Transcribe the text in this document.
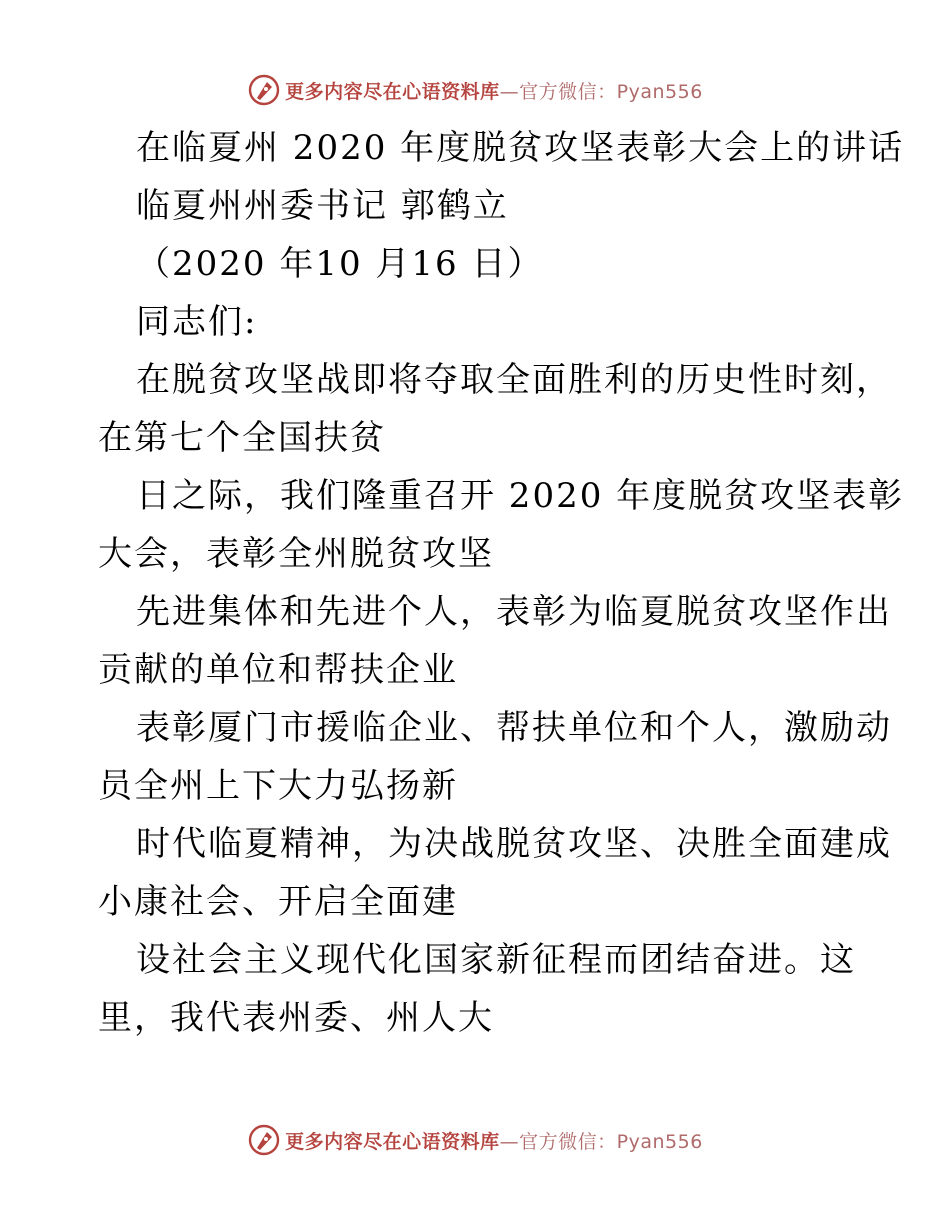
更多内容尽在心语资料库—官方微信：Pyan556
在临夏州 2020 年度脱贫攻坚表彰大会上的讲话
临夏州州委书记 郭鹤立
（2020 年10 月16 日）
同志们:
在脱贫攻坚战即将夺取全面胜利的历史性时刻，
在第七个全国扶贫
日之际，我们隆重召开 2020 年度脱贫攻坚表彰
大会，表彰全州脱贫攻坚
先进集体和先进个人，表彰为临夏脱贫攻坚作出
贡献的单位和帮扶企业
表彰厦门市援临企业、帮扶单位和个人，激励动
员全州上下大力弘扬新
时代临夏精神，为决战脱贫攻坚、决胜全面建成
小康社会、开启全面建
设社会主义现代化国家新征程而团结奋进。这
里，我代表州委、州人大
更多内容尽在心语资料库—官方微信：Pyan556
